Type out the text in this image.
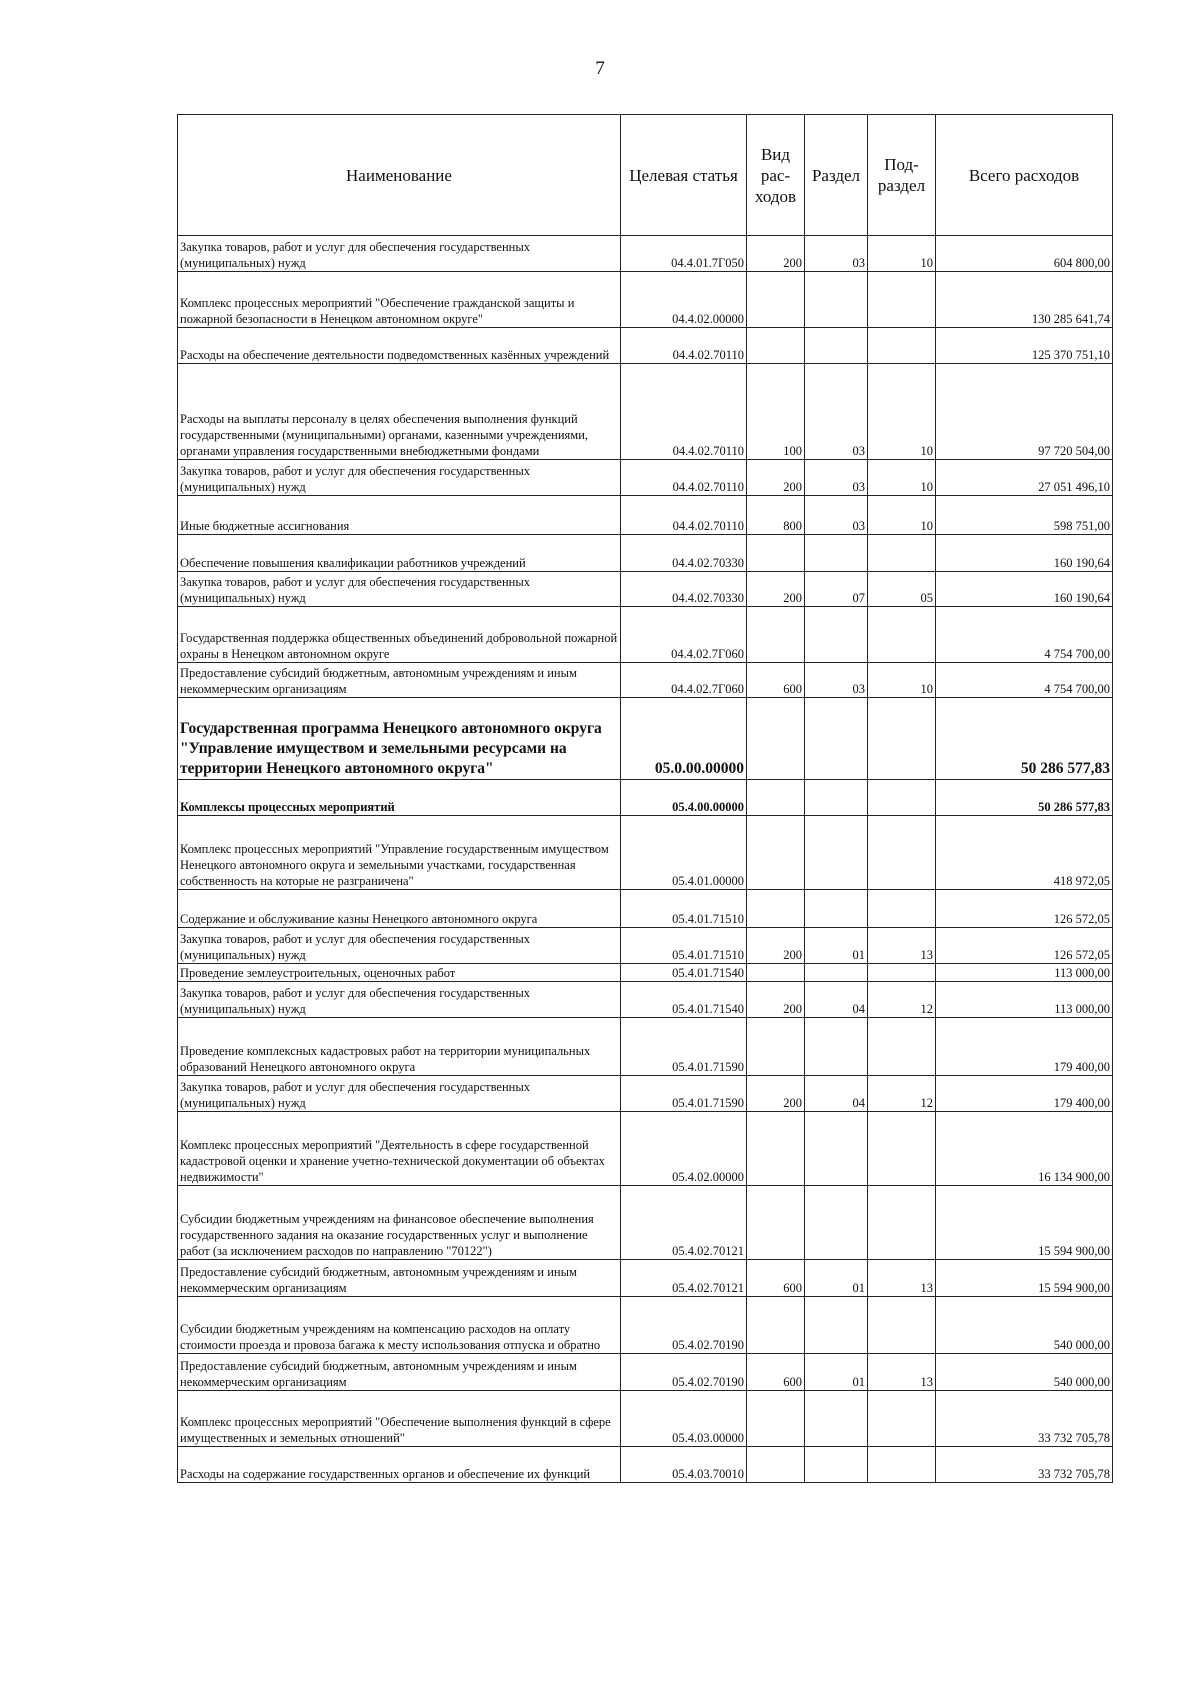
7
Наименование	Целевая статья	Вид рас- ходов	Раздел	Под- раздел	Всего расходов
Закупка товаров, работ и услуг для обеспечения государственных (муниципальных) нужд	04.4.01.7Г050	200	03	10	604 800,00
Комплекс процессных мероприятий "Обеспечение гражданской защиты и пожарной безопасности в Ненецком автономном округе"	04.4.02.00000				130 285 641,74
Расходы на обеспечение деятельности подведомственных казённых учреждений	04.4.02.70110				125 370 751,10
Расходы на выплаты персоналу в целях обеспечения выполнения функций государственными (муниципальными) органами, казенными учреждениями, органами управления государственными внебюджетными фондами	04.4.02.70110	100	03	10	97 720 504,00
Закупка товаров, работ и услуг для обеспечения государственных (муниципальных) нужд	04.4.02.70110	200	03	10	27 051 496,10
Иные бюджетные ассигнования	04.4.02.70110	800	03	10	598 751,00
Обеспечение повышения квалификации работников учреждений	04.4.02.70330				160 190,64
Закупка товаров, работ и услуг для обеспечения государственных (муниципальных) нужд	04.4.02.70330	200	07	05	160 190,64
Государственная поддержка общественных объединений добровольной пожарной охраны в Ненецком автономном округе	04.4.02.7Г060				4 754 700,00
Предоставление субсидий бюджетным, автономным учреждениям и иным некоммерческим организациям	04.4.02.7Г060	600	03	10	4 754 700,00
Государственная программа Ненецкого автономного округа "Управление имуществом и земельными ресурсами на территории Ненецкого автономного округа"	05.0.00.00000				50 286 577,83
Комплексы процессных мероприятий	05.4.00.00000				50 286 577,83
Комплекс процессных мероприятий "Управление государственным имуществом Ненецкого автономного округа и земельными участками, государственная собственность на которые не разграничена"	05.4.01.00000				418 972,05
Содержание и обслуживание казны Ненецкого автономного округа	05.4.01.71510				126 572,05
Закупка товаров, работ и услуг для обеспечения государственных (муниципальных) нужд	05.4.01.71510	200	01	13	126 572,05
Проведение землеустроительных, оценочных работ	05.4.01.71540				113 000,00
Закупка товаров, работ и услуг для обеспечения государственных (муниципальных) нужд	05.4.01.71540	200	04	12	113 000,00
Проведение комплексных кадастровых работ на территории муниципальных образований Ненецкого автономного округа	05.4.01.71590				179 400,00
Закупка товаров, работ и услуг для обеспечения государственных (муниципальных) нужд	05.4.01.71590	200	04	12	179 400,00
Комплекс процессных мероприятий "Деятельность в сфере государственной кадастровой оценки и хранение учетно-технической документации об объектах недвижимости"	05.4.02.00000				16 134 900,00
Субсидии бюджетным учреждениям на финансовое обеспечение выполнения государственного задания на оказание государственных услуг и выполнение работ (за исключением расходов по направлению "70122")	05.4.02.70121				15 594 900,00
Предоставление субсидий бюджетным, автономным учреждениям и иным некоммерческим организациям	05.4.02.70121	600	01	13	15 594 900,00
Субсидии бюджетным учреждениям на компенсацию расходов на оплату стоимости проезда и провоза багажа к месту использования отпуска и обратно	05.4.02.70190				540 000,00
Предоставление субсидий бюджетным, автономным учреждениям и иным некоммерческим организациям	05.4.02.70190	600	01	13	540 000,00
Комплекс процессных мероприятий "Обеспечение выполнения функций в сфере имущественных и земельных отношений"	05.4.03.00000				33 732 705,78
Расходы на содержание государственных органов и обеспечение их функций	05.4.03.70010				33 732 705,78
